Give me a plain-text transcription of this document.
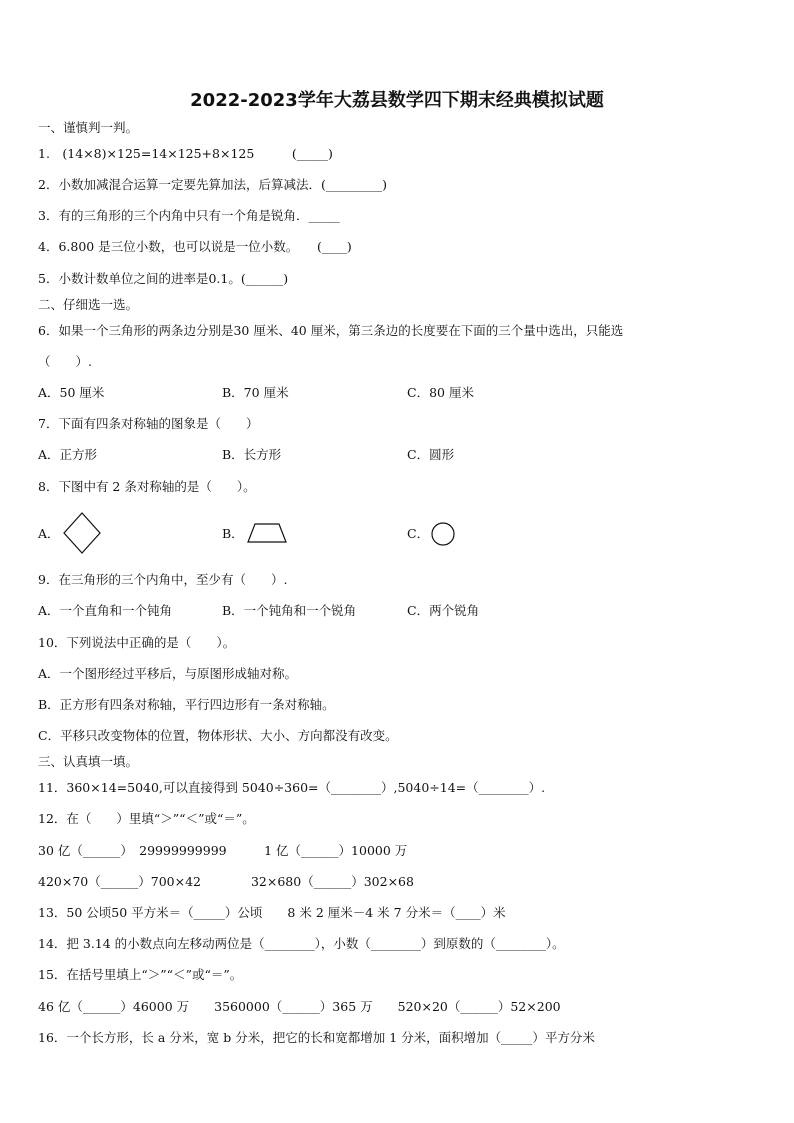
2022-2023学年大荔县数学四下期末经典模拟试题
一、谨慎判一判。
1.　(14×8)×125=14×125+8×125　　　(_____)
2．小数加减混合运算一定要先算加法，后算减法．(_________)
3．有的三角形的三个内角中只有一个角是锐角．_____
4．6.800 是三位小数，也可以说是一位小数。　　(____)
5．小数计数单位之间的进率是0.1。(______)
二、仔细选一选。
6．如果一个三角形的两条边分别是30 厘米、40 厘米，第三条边的长度要在下面的三个量中选出，只能选
（　　）.
A．50 厘米	B．70 厘米	C．80 厘米
7．下面有四条对称轴的图象是（　　）
A．正方形	B．长方形	C．圆形
8．下图中有 2 条对称轴的是（　　）。
A．	B．	C．
9．在三角形的三个内角中，至少有（　　）.
A．一个直角和一个钝角	B．一个钝角和一个锐角	C．两个锐角
10．下列说法中正确的是（　　）。
A．一个图形经过平移后，与原图形成轴对称。
B．正方形有四条对称轴，平行四边形有一条对称轴。
C．平移只改变物体的位置，物体形状、大小、方向都没有改变。
三、认真填一填。
11．360×14=5040,可以直接得到 5040÷360=（________）,5040÷14=（________）.
12．在（　　）里填“＞”“＜”或“＝”。
30 亿（______）　29999999999　　　1 亿（______）10000 万
420×70（______）700×42　　　　32×680（______）302×68
13．50 公顷50 平方米＝（_____）公顷　　8 米 2 厘米－4 米 7 分米＝（____）米
14．把 3.14 的小数点向左移动两位是（________），小数（________）到原数的（________）。
15．在括号里填上“＞”“＜”或“＝”。
46 亿（______）46000 万　　3560000（______）365 万　　520×20（______）52×200
16．一个长方形，长 a 分米，宽 b 分米，把它的长和宽都增加 1 分米，面积增加（_____）平方分米
